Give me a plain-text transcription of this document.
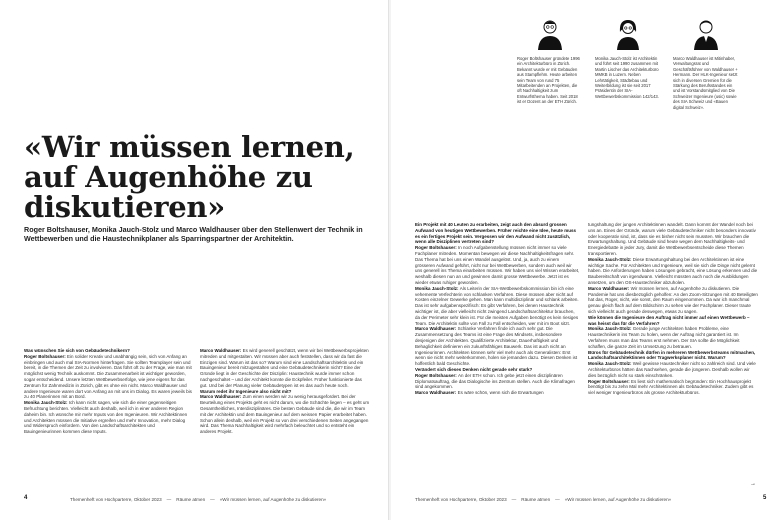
«Wir müssen lernen, auf Augenhöhe zu diskutieren»

Roger Boltshauser, Monika Jauch-Stolz und Marco Waldhauser über den Stellenwert der Technik in Wettbewerben und die Haustechnikplaner als Sparringspartner der Architektin.

Was wünschen Sie sich von Gebäudetechnikern?

Roger Boltshauser: Ein solider Kreativ und unabhängig sein, sich von Anfang an einbringen und auch mal SIA-Normen hinterfragen. Sie sollten Teamplayer sein und bereit, in die Themen der Zeit zu involvieren. Das führt oft zu der Frage, wie man mit möglichst wenig Technik auskommt. Die Zusammenarbeit ist wichtiger geworden, sogar entscheidend. Unsere letzten Wettbewerbserfolge, wie jene eigens für das Zentrum für Zahnmedizin in Zürich, gibt es ohne ein nicht. Marco Waldhauser und andere Ingenieure waren dort von Anfang an mit uns im Dialog. Es waren jeweils bis zu 40 Planerinnen mit an Bord.

Monika Jauch-Stolz: Ich kann nicht sagen, wie sich die einer gegenseitigen Befruchtung berichten. Vielleicht auch deshalb, weil ich in einer anderen Region daheim bin. Ich wünsche mir mehr Inputs von den Ingenieuren. Wir Architektinnen und Architekten müssen die Initiative ergreifen und mehr Innovation, mehr Dialog und Widerspruch einfordern. Von den Landschaftsarchitekten und Bauingenieurinnen kommen diese Inputs.

Marco Waldhauser: Es wird generell geschätzt, wenn wir bei Wettbewerbsprojekten mitreden und mitgestalten. Wir müssen aber auch feststellen, dass wir da fast die Einzigen sind. Warum ist das so? Warum sind eine Landschaftsarchitektin und ein Bauingenieur bereit mitzugestalten und eine Gebäudetechnikerin nicht? Eine der Gründe liegt in der Geschichte der Disziplin: Haustechnik wurde immer schon nachgeschaltet – und der Architekt konnte die Eckpfeiler. Früher funktionierte das gut. Und bei der Planung vieler Gebäudetypen ist es das auch heute noch.

Warum redet ihr Ingenieure also nicht mit?

Marco Waldhauser: Zum einen werden wir zu wenig herausgefordert. Bei der Beurteilung eines Projekts geht es nicht darum, wo die Schächte liegen – es geht um Gesamtheitliches, Interdisziplinäres. Die besten Gebäude sind die, die wir im Team mit der Architektin und dem Bauingenieur auf dem weissen Papier erarbeitet haben. Schon allein deshalb, weil ein Projekt so von drei verschiedenen Seiten angegangen wird. Das Thema Nachhaltigkeit wird mehrfach beleuchtet und so entsteht ein anderes Projekt.

4	Themenheft von Hochparterre, Oktober 2023 — Räume atmen — «Wir müssen lernen, auf Augenhöhe zu diskutieren»

Roger Boltshauser gründete 1996 ein Architekturbüro in Zürich. Bekannt wurde er mit Gebäuden aus Stampflehm. Heute arbeiten sein Team von rund 75 Mitarbeitenden an Projekten, die oft Nachhaltigkeit zum Entwurfsthema haben. Seit 2018 ist er Dozent an der ETH Zürich.

Monika Jauch-Stolz ist Architektin und führt seit 1990 zusammen mit Martin Lischer das Architekturbüro MMKB in Luzern. Neben Lehrtätigkeit, Städtebau und Weiterbildung ist sie seit 2017 Präsidentin der SIA-Wettbewerbskommission 142/143.

Marco Waldhauser ist Mitinhaber, Verwaltungsrat und Geschäftsführer von Waldhauser + Hermann. Der HLK-Ingenieur setzt sich in diversen Gremien für die Stärkung des Berufsstandes ein und ist Vorstandsmitglied von Die Schweizer Ingenieure (usic) sowie des SIA Schweiz und «Bauen digital Schweiz».

Ein Projekt mit 40 Leuten zu erarbeiten, zeigt auch den absurd grossen Aufwand von heutigen Wettbewerben. Früher reichte eine Idee, heute muss es ein fertiges Projekt sein. Vergessen wir den Aufwand nicht zusätzlich, wenn alle Disziplinen vertreten sind?

Roger Boltshauser: In noch Aufgabenstellung müssen nicht immer so viele Fachplaner mitreden. Momentan bewegen wir diese Nachhaltigkeitsfragen sehr. Das Thema hat bei uns einen Wandel ausgelöst. Und, ja, auch zu einem grösseren Aufwand geführt, nicht nur bei Wettbewerben, sondern auch weil wir uns generell ins Thema einarbeiten müssen. Wir haben uns viel Wissen erarbeitet, weshalb diesen nun an und gewinnen damit grosse Wettbewerbe. Jetzt ist es wieder etwas ruhiger geworden.

Monika Jauch-Stolz: Als Leiterin der SIA-Wettbewerbskommission bin ich eine vehemente Verfechterin von schlanken Verfahren. Diese müssen aber nicht auf Kosten einzelner Gewerke gehen. Man kann multidisziplinär und schlank arbeiten. Das ist sehr aufgabenspezifisch: Es gibt Verfahren, bei denen Haustechnik wichtiger ist, die aber vielleicht nicht zwingend Landschaftsarchitektur brauchen, da der Perimeter sehr klein ist. Für die meisten Aufgaben benötigt es kein riesiges Team. Die Architektin sollte von Fall zu Fall entscheiden, wer mit im Boot sitzt.

Marco Waldhauser: Schlanke Verfahren finde ich auch sehr gut. Die Zusammensetzung des Teams ist eine Frage des Mindsets, insbesondere desjenigen der Architekten. Qualifizierte Architektur, Dauerhaftigkeit und Behaglichkeit definieren ein zukunftsfähiges Bauwerk. Das ist auch nicht an Ingenieurinnen. Architekten können sehr viel mehr auch als Generalisten: Erst wenn sie nicht mehr weiterkommen, holen sie jemanden dazu. Diesen Denken ist hoffentlich bald Geschichte.

Verändert sich dieses Denken nicht gerade sehr stark?

Roger Boltshauser: An der ETH schon. Ich gebe jetzt einen disziplinären Diplomatsauftrag, die das Dialogische ins Zentrum stellen. Auch die Klimafragen sind angekommen.

Marco Waldhauser: Es wäre schön, wenn sich die Erwartungen

tungshaltung der jungen Architektinnen wandelt. Dann kommt der Wandel noch bei uns an. Eines der Gründe, warum viele Gebäudetechniker nicht besonders innovativ oder kooperativ sind, ist, dass sie es bisher nicht sein mussten. Wir brauchen die Erwartungshaltung. Und Gebäude sind heute wegen dem Nachhaltigkeits- und Energiedebatte in jeder Jury, damit die Wettbewerbsentscheide diese Themen transportieren.

Monika Jauch-Stolz: Diese Erwartungshaltung bei den Architektinnen ist eine wichtige Sache. Für Architekten und Ingenieure, weil sie sich die Dinge nicht gelernt haben. Die Anforderungen haben Lösungen gebracht, eine Lösung erkennen und die Baubereitschaft von irgendwann. Vielleicht müssten auch noch die Ausbildungen ansetzen, um den OS-Haustechniker abzuholen.

Marco Waldhauser: Wir müssen lernen, auf Augenhöhe zu diskutieren. Die Pandemie hat uns diesbezüglich geholfen: An den Zoom-Sitzungen mit 40 Beteiligten hat das, Roger, nicht, wie sonst, den Raum eingenommen. Da war ich manchmal genau gleich flach auf dem Bildschirm zu sehen wie der Fachplaner. Dieser traute sich vielleicht auch gerade deswegen, etwas zu sagen.

Wie können die Ingenieure den Auftrag nicht immer auf einen Wettbewerb – was heisst das für die Verfahren?

Monika Jauch-Stolz: Gerade junge Architekten haben Probleme, eine Haustechnikerin ins Team zu holen, wenn der Auftrag nicht garantiert ist. Im Verfahren muss man das Teams erst nehmen. Der SIA sollte die Möglichkeit schaffen, die ganze Zeit im Umsetzung zu betrauen.

Büros für Gebäudetechnik dürfen in mehreren Wettbewerbsteams mitmachen, Landschaftsarchitektinnen oder Tragwerksplaner nicht. Warum?

Monika Jauch-Stolz: Weil gewisse Haustechniker nicht so zahlreich sind. Und viele Architekturbüros hätten das Nachsehen, gerade die jüngeren. Deshalb wollen wir dies bezüglich nicht so stark einschränken.

Roger Boltshauser: Es liest sich mathematisch begründen: Ein Hochhausprojekt benötigt bis zu zehn Mal mehr Architektinnen als Gebäudetechniker. Zudem gibt es viel weniger Ingenieurbüros als grosse Architekturbüros.

→
Themenheft von Hochparterre, Oktober 2023 — Räume atmen — «Wir müssen lernen, auf Augenhöhe zu diskutieren»	5
